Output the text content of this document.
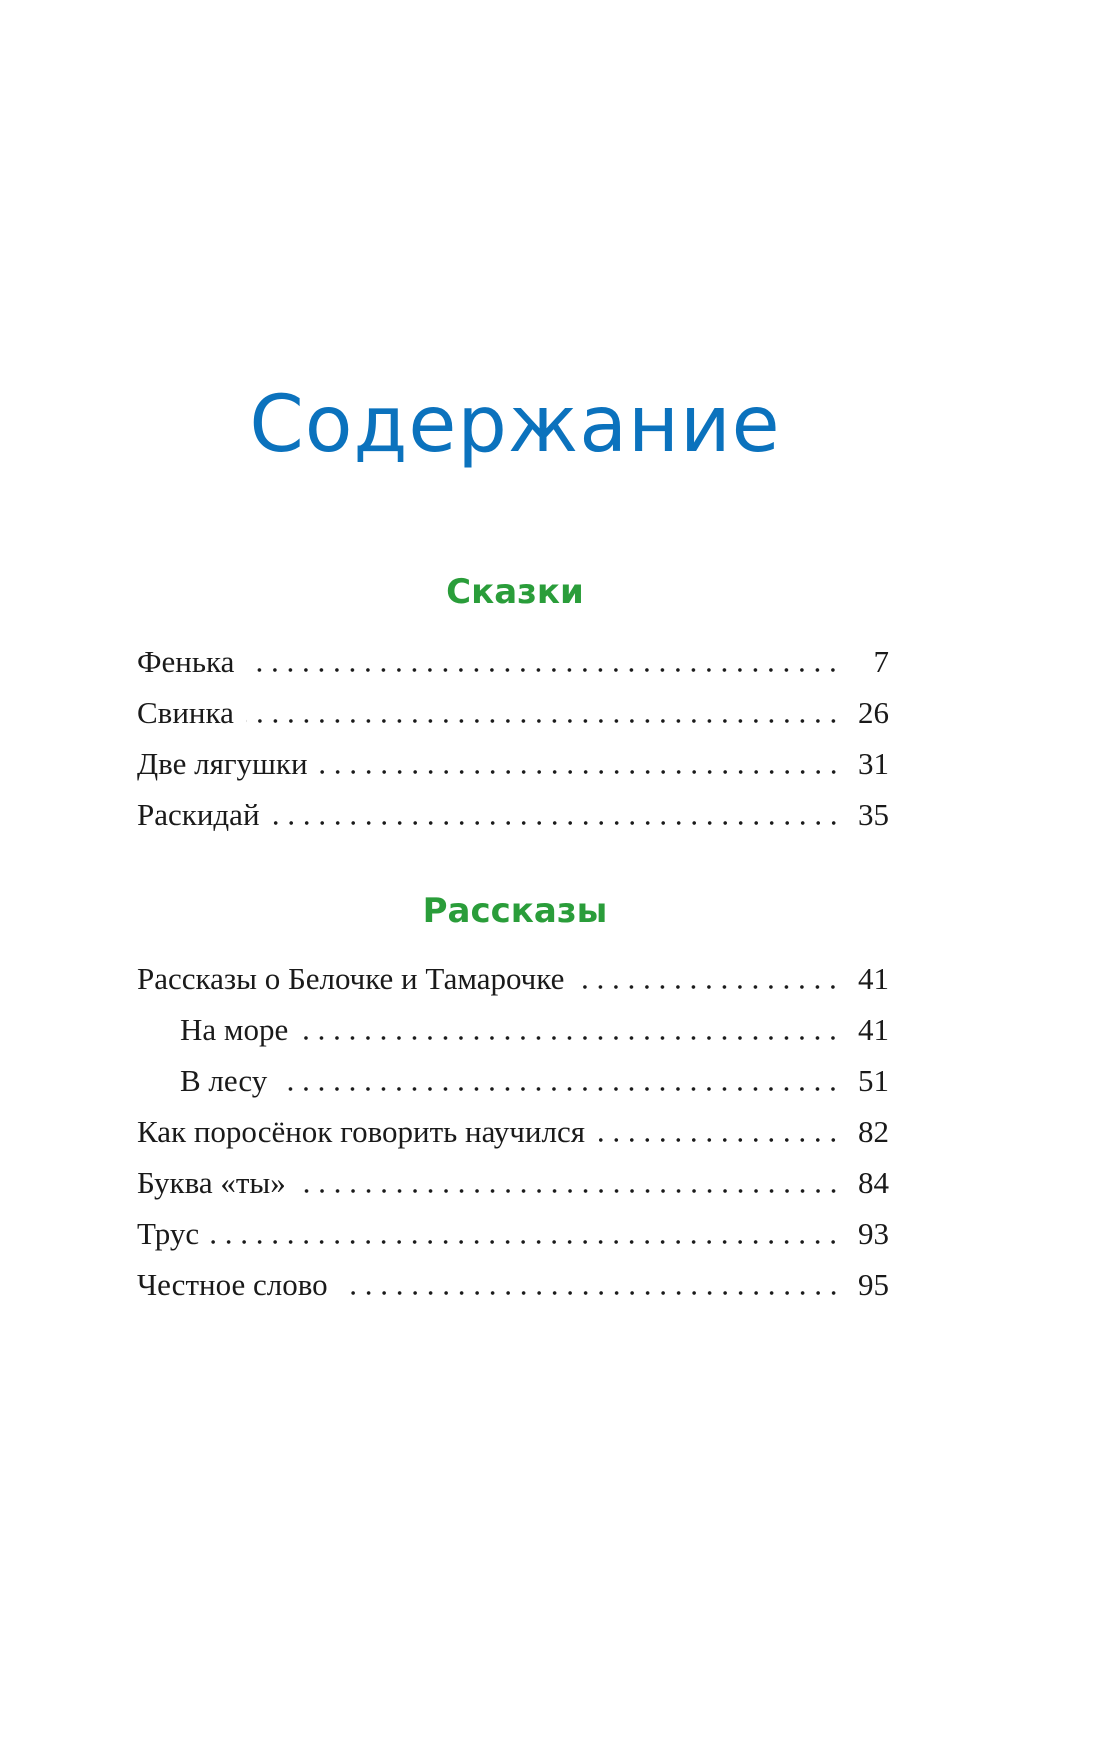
Содержание
Сказки
Фенька	7
Свинка	26
Две лягушки	31
Раскидай	35
Рассказы
Рассказы о Белочке и Тамарочке	41
На море	41
В лесу	51
Как поросёнок говорить научился	82
Буква «ты»	84
Трус	93
Честное слово	95
